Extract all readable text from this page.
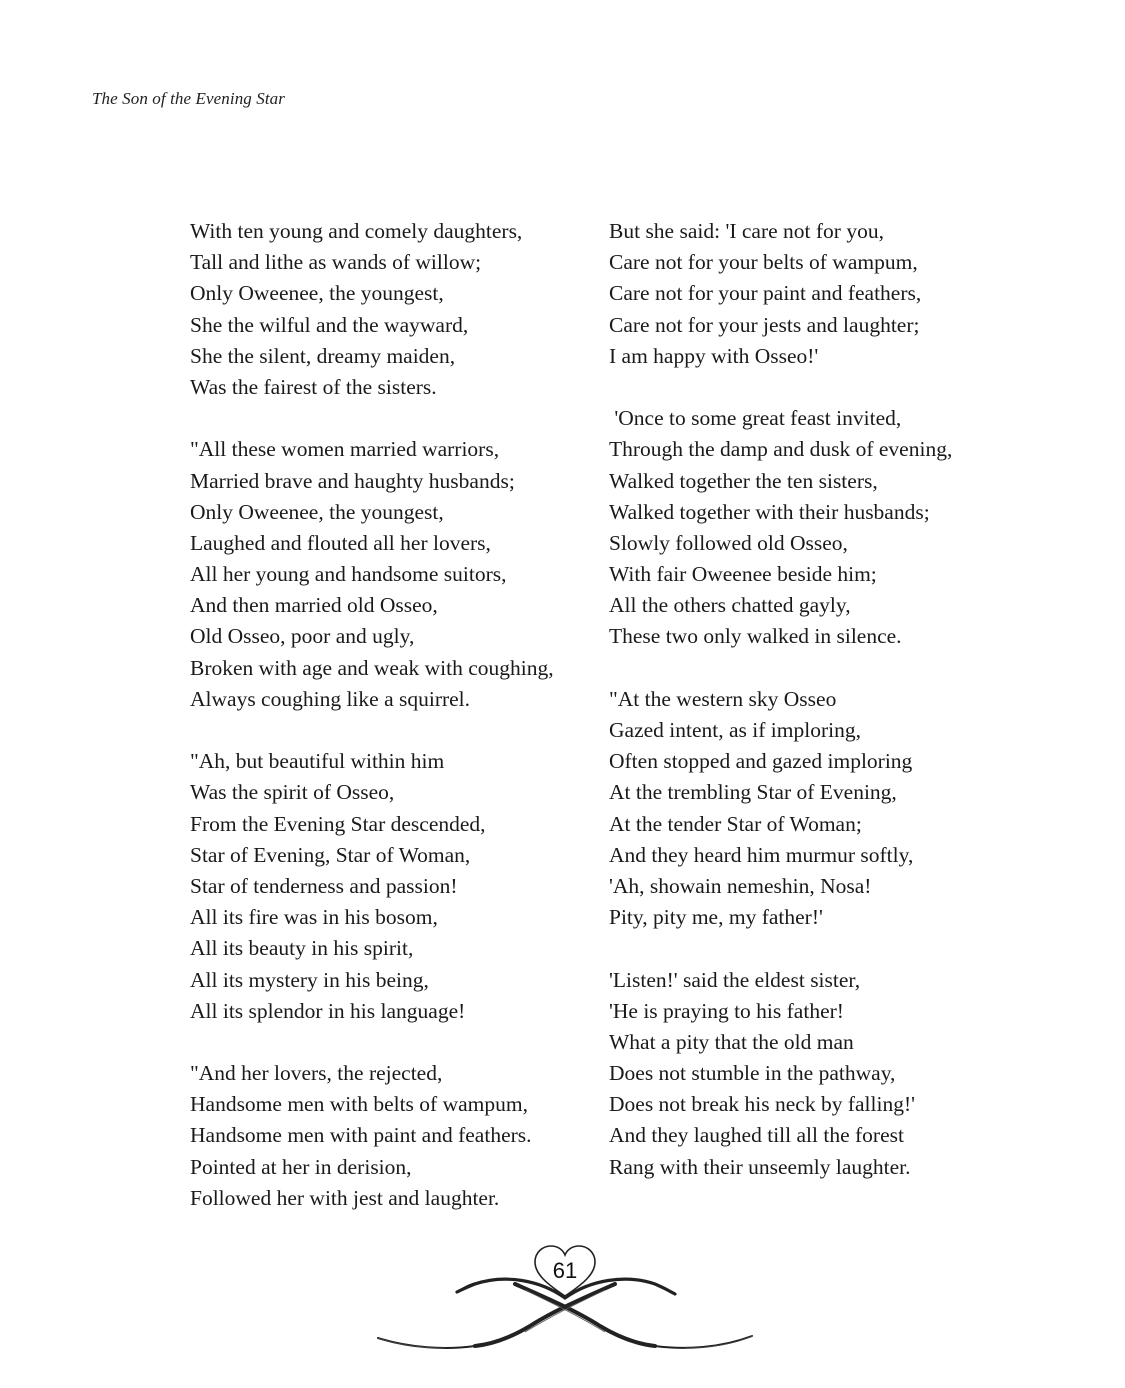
The Son of the Evening Star
With ten young and comely daughters,
Tall and lithe as wands of willow;
Only Oweenee, the youngest,
She the wilful and the wayward,
She the silent, dreamy maiden,
Was the fairest of the sisters.
"All these women married warriors,
Married brave and haughty husbands;
Only Oweenee, the youngest,
Laughed and flouted all her lovers,
All her young and handsome suitors,
And then married old Osseo,
Old Osseo, poor and ugly,
Broken with age and weak with coughing,
Always coughing like a squirrel.
"Ah, but beautiful within him
Was the spirit of Osseo,
From the Evening Star descended,
Star of Evening, Star of Woman,
Star of tenderness and passion!
All its fire was in his bosom,
All its beauty in his spirit,
All its mystery in his being,
All its splendor in his language!
"And her lovers, the rejected,
Handsome men with belts of wampum,
Handsome men with paint and feathers.
Pointed at her in derision,
Followed her with jest and laughter.
But she said: 'I care not for you,
Care not for your belts of wampum,
Care not for your paint and feathers,
Care not for your jests and laughter;
I am happy with Osseo!'
'Once to some great feast invited,
Through the damp and dusk of evening,
Walked together the ten sisters,
Walked together with their husbands;
Slowly followed old Osseo,
With fair Oweenee beside him;
All the others chatted gayly,
These two only walked in silence.
"At the western sky Osseo
Gazed intent, as if imploring,
Often stopped and gazed imploring
At the trembling Star of Evening,
At the tender Star of Woman;
And they heard him murmur softly,
'Ah, showain nemeshin, Nosa!
Pity, pity me, my father!'
'Listen!' said the eldest sister,
'He is praying to his father!
What a pity that the old man
Does not stumble in the pathway,
Does not break his neck by falling!'
And they laughed till all the forest
Rang with their unseemly laughter.
61
